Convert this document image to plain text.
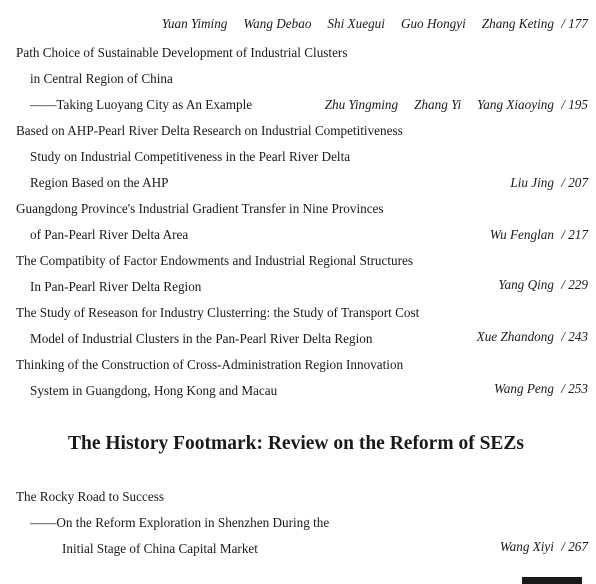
Yuan Yiming Wang Debao Shi Xuegui Guo Hongyi Zhang Keting / 177
Path Choice of Sustainable Development of Industrial Clusters
in Central Region of China
——Taking Luoyang City as An Example	Zhu Yingming Zhang Yi Yang Xiaoying / 195
Based on AHP-Pearl River Delta Research on Industrial Competitiveness
Study on Industrial Competitiveness in the Pearl River Delta
Region Based on the AHP	Liu Jing / 207
Guangdong Province's Industrial Gradient Transfer in Nine Provinces
of Pan-Pearl River Delta Area	Wu Fenglan / 217
The Compatibity of Factor Endowments and Industrial Regional Structures
In Pan-Pearl River Delta Region	Yang Qing / 229
The Study of Reseason for Industry Clusterring: the Study of Transport Cost
Model of Industrial Clusters in the Pan-Pearl River Delta Region	Xue Zhandong / 243
Thinking of the Construction of Cross-Administration Region Innovation
System in Guangdong, Hong Kong and Macau	Wang Peng / 253
The History Footmark: Review on the Reform of SEZs
The Rocky Road to Success
——On the Reform Exploration in Shenzhen During the
Initial Stage of China Capital Market	Wang Xiyi / 267
